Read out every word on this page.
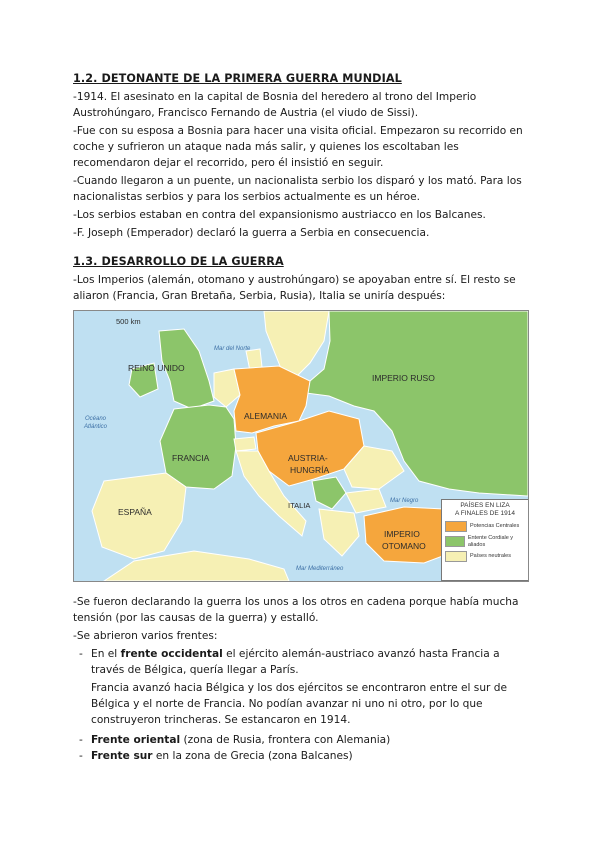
1.2. DETONANTE DE LA PRIMERA GUERRA MUNDIAL

-1914. El asesinato en la capital de Bosnia del heredero al trono del Imperio Austrohúngaro, Francisco Fernando de Austria (el viudo de Sissi).

-Fue con su esposa a Bosnia para hacer una visita oficial. Empezaron su recorrido en coche y sufrieron un ataque nada más salir, y quienes los escoltaban les recomendaron dejar el recorrido, pero él insistió en seguir.

-Cuando llegaron a un puente, un nacionalista serbio los disparó y los mató. Para los nacionalistas serbios y para los serbios actualmente es un héroe.

-Los serbios estaban en contra del expansionismo austriacco en los Balcanes.

-F. Joseph (Emperador) declaró la guerra a Serbia en consecuencia.

1.3. DESARROLLO DE LA GUERRA

-Los Imperios (alemán, otomano y austrohúngaro) se apoyaban entre sí. El resto se aliaron (Francia, Gran Bretaña, Serbia, Rusia), Italia se uniría después:

500 km
REINO UNIDO
IMPERIO RUSO
ALEMANIA
AUSTRIA-
HUNGRÍA
FRANCIA
ESPAÑA
ITALIA
IMPERIO
OTOMANO
Océano
Atlántico
Mar del Norte
Mar Negro
Mar Mediterráneo
PAÍSES EN LIZA
A FINALES DE 1914
Potencias Centrales
Entente Cordiale y aliados
Países neutrales

-Se fueron declarando la guerra los unos a los otros en cadena porque había mucha tensión (por las causas de la guerra) y estalló.

-Se abrieron varios frentes:

- En el frente occidental el ejército alemán-austriaco avanzó hasta Francia a través de Bélgica, quería llegar a París.

Francia avanzó hacia Bélgica y los dos ejércitos se encontraron entre el sur de Bélgica y el norte de Francia. No podían avanzar ni uno ni otro, por lo que construyeron trincheras. Se estancaron en 1914.

- Frente oriental (zona de Rusia, frontera con Alemania)
- Frente sur en la zona de Grecia (zona Balcanes)
